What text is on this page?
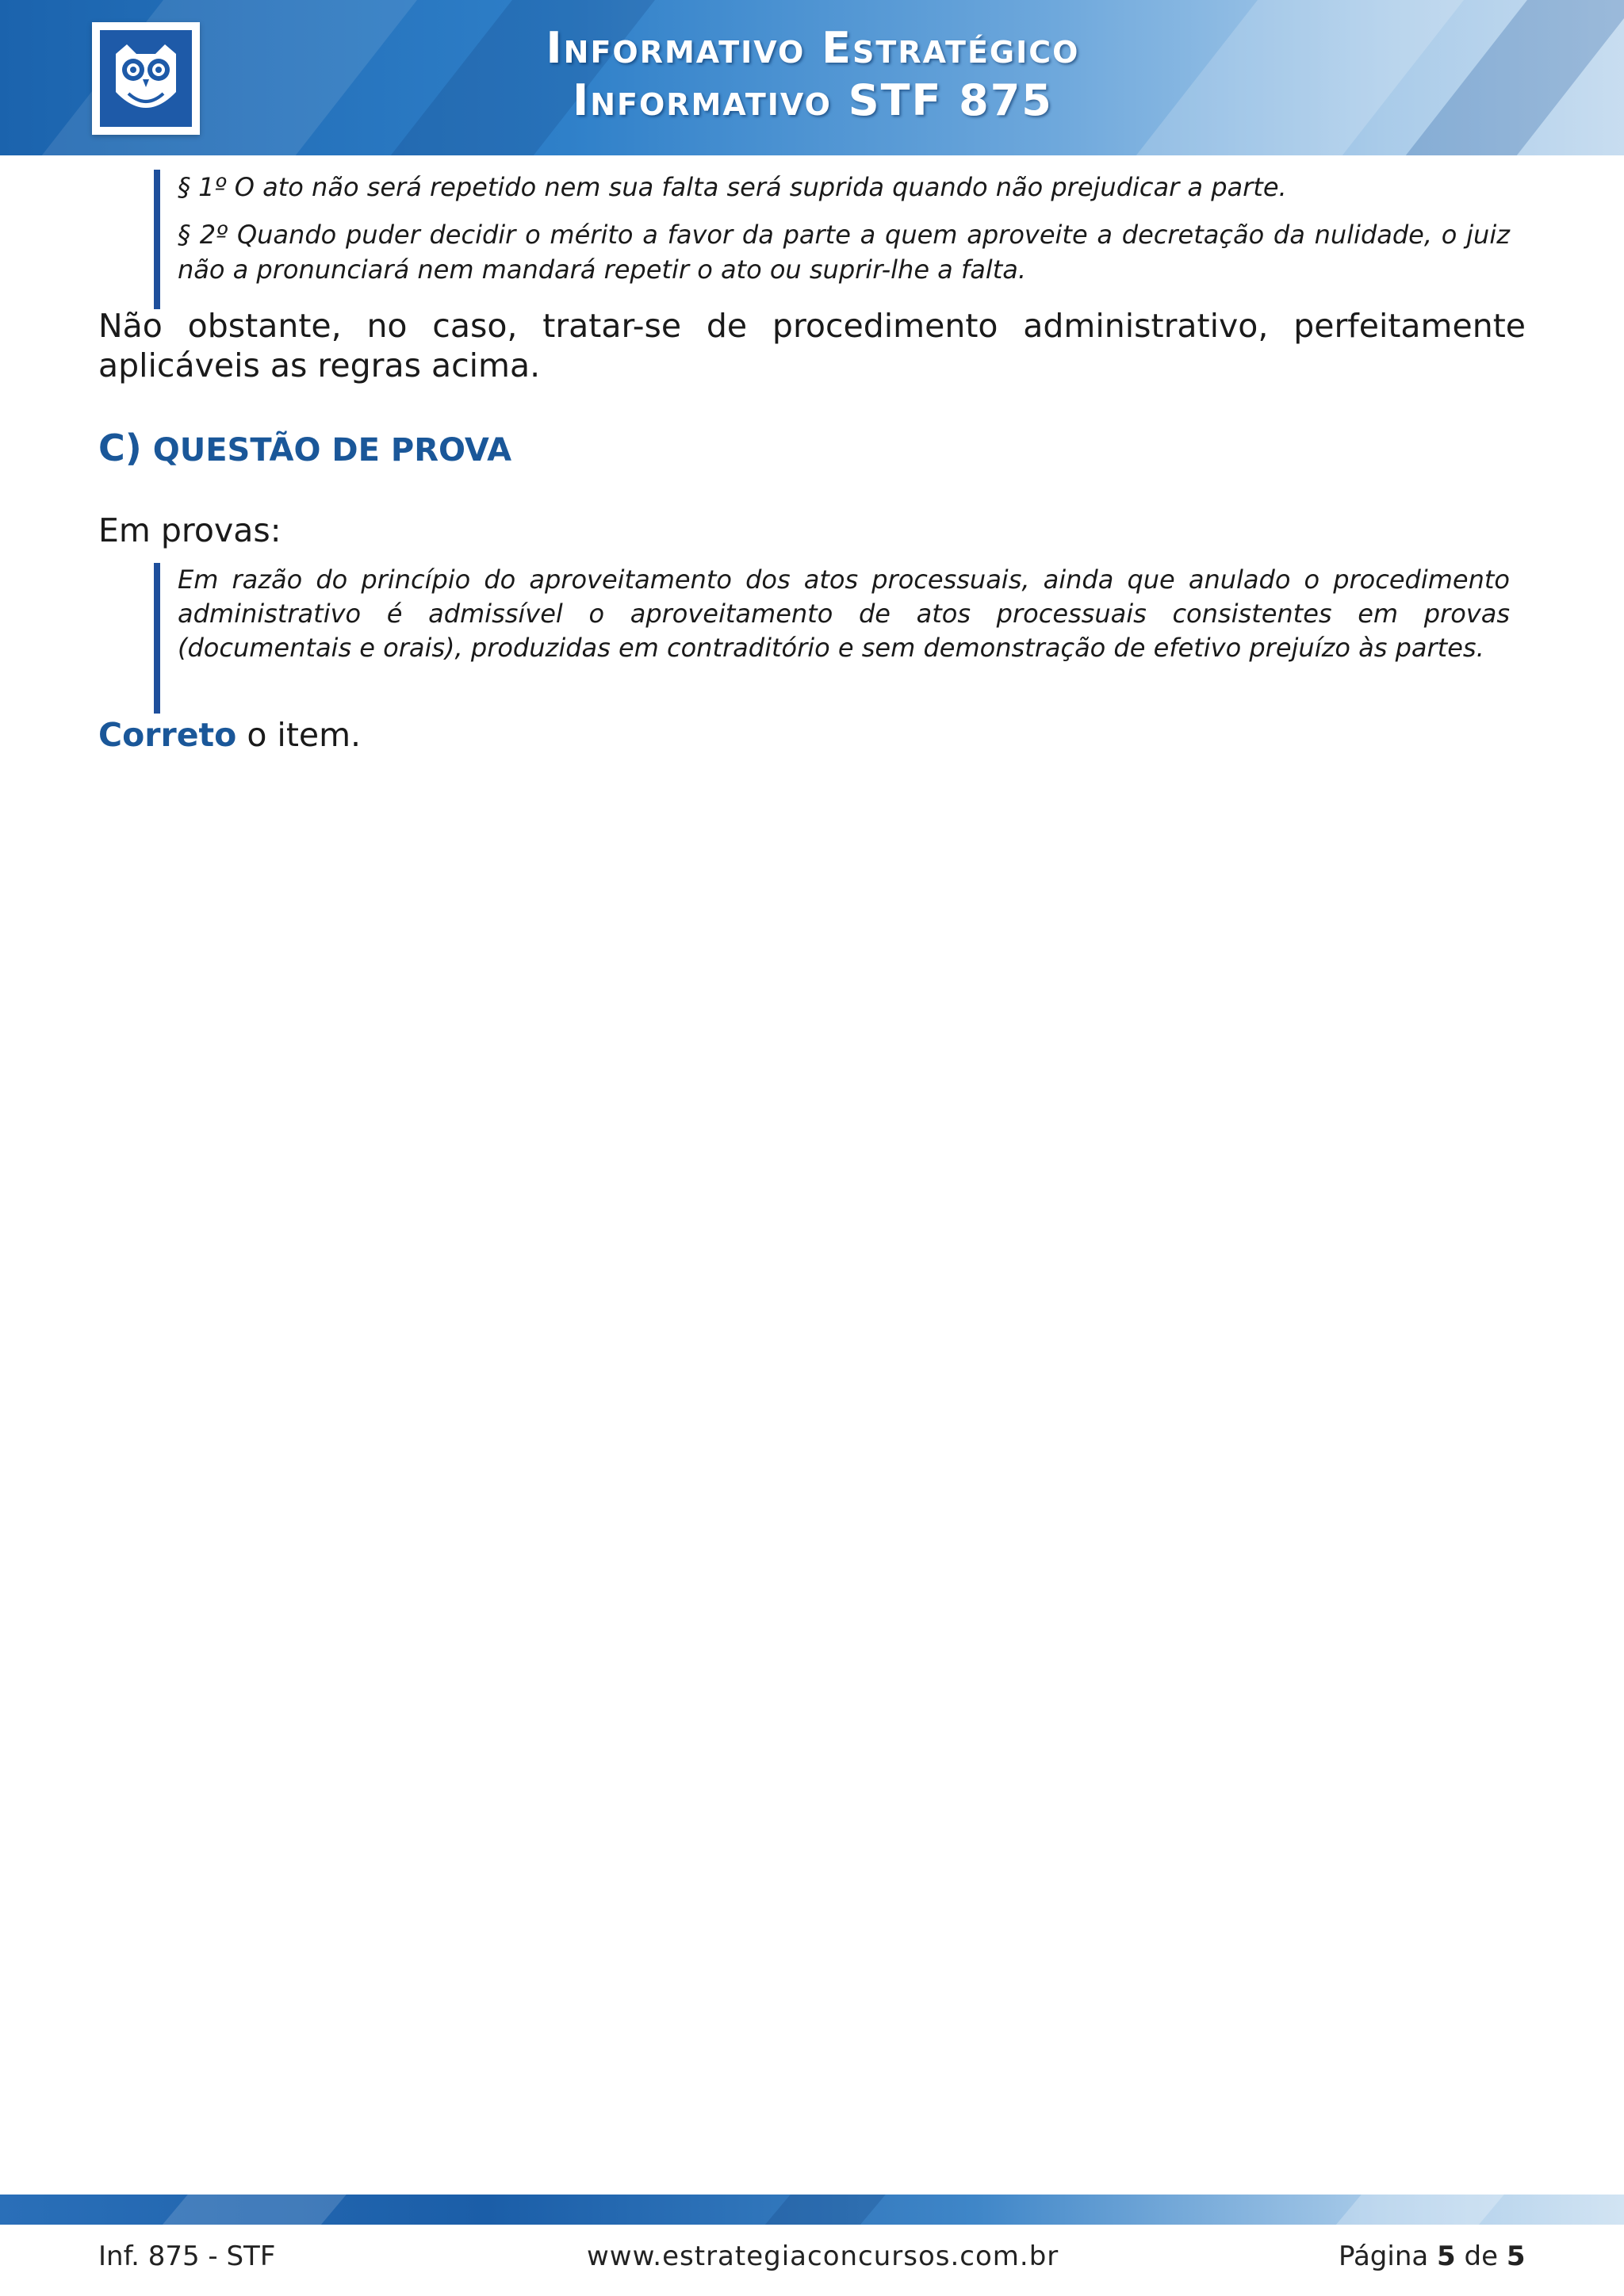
Informativo Estratégico
Informativo STF 875

§ 1º O ato não será repetido nem sua falta será suprida quando não prejudicar a parte.

§ 2º Quando puder decidir o mérito a favor da parte a quem aproveite a decretação da nulidade, o juiz não a pronunciará nem mandará repetir o ato ou suprir-lhe a falta.

Não obstante, no caso, tratar-se de procedimento administrativo, perfeitamente aplicáveis as regras acima.
C) QUESTÃO DE PROVA
Em provas:

Em razão do princípio do aproveitamento dos atos processuais, ainda que anulado o procedimento administrativo é admissível o aproveitamento de atos processuais consistentes em provas (documentais e orais), produzidas em contraditório e sem demonstração de efetivo prejuízo às partes.

Correto o item.
Inf. 875 - STF	www.estrategiaconcursos.com.br	Página 5 de 5
